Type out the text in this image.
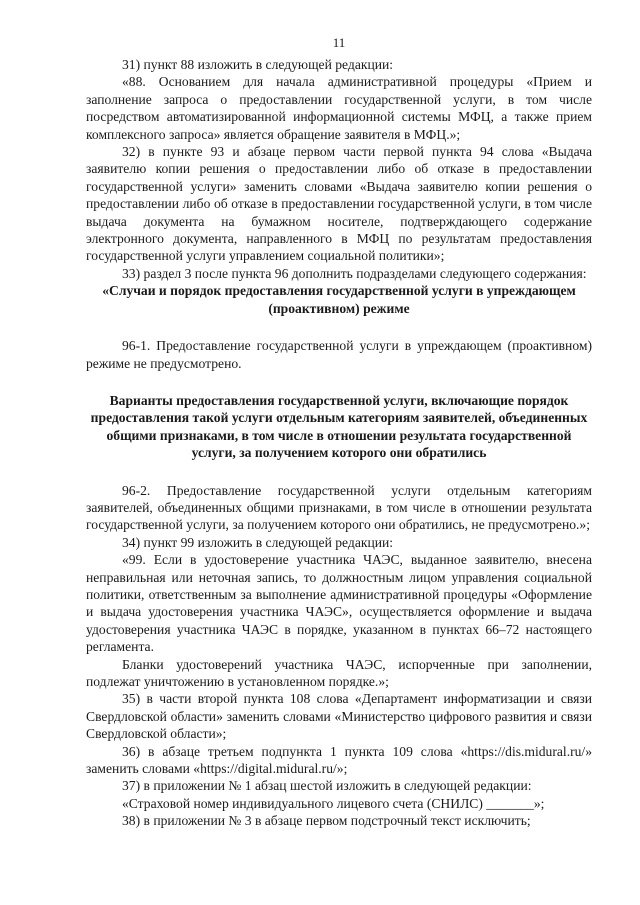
11

31) пункт 88 изложить в следующей редакции:

«88. Основанием для начала административной процедуры «Прием и заполнение запроса о предоставлении государственной услуги, в том числе посредством автоматизированной информационной системы МФЦ, а также прием комплексного запроса» является обращение заявителя в МФЦ.»;

32) в пункте 93 и абзаце первом части первой пункта 94 слова «Выдача заявителю копии решения о предоставлении либо об отказе в предоставлении государственной услуги» заменить словами «Выдача заявителю копии решения о предоставлении либо об отказе в предоставлении государственной услуги, в том числе выдача документа на бумажном носителе, подтверждающего содержание электронного документа, направленного в МФЦ по результатам предоставления государственной услуги управлением социальной политики»;

33) раздел 3 после пункта 96 дополнить подразделами следующего содержания:

«Случаи и порядок предоставления государственной услуги в упреждающем (проактивном) режиме

96-1. Предоставление государственной услуги в упреждающем (проактивном) режиме не предусмотрено.

Варианты предоставления государственной услуги, включающие порядок предоставления такой услуги отдельным категориям заявителей, объединенных общими признаками, в том числе в отношении результата государственной услуги, за получением которого они обратились

96-2. Предоставление государственной услуги отдельным категориям заявителей, объединенных общими признаками, в том числе в отношении результата государственной услуги, за получением которого они обратились, не предусмотрено.»;

34) пункт 99 изложить в следующей редакции:

«99. Если в удостоверение участника ЧАЭС, выданное заявителю, внесена неправильная или неточная запись, то должностным лицом управления социальной политики, ответственным за выполнение административной процедуры «Оформление и выдача удостоверения участника ЧАЭС», осуществляется оформление и выдача удостоверения участника ЧАЭС в порядке, указанном в пунктах 66–72 настоящего регламента.

Бланки удостоверений участника ЧАЭС, испорченные при заполнении, подлежат уничтожению в установленном порядке.»;

35) в части второй пункта 108 слова «Департамент информатизации и связи Свердловской области» заменить словами «Министерство цифрового развития и связи Свердловской области»;

36) в абзаце третьем подпункта 1 пункта 109 слова «https://dis.midural.ru/» заменить словами «https://digital.midural.ru/»;

37) в приложении № 1 абзац шестой изложить в следующей редакции:

«Страховой номер индивидуального лицевого счета (СНИЛС) _______»;

38) в приложении № 3 в абзаце первом подстрочный текст исключить;
